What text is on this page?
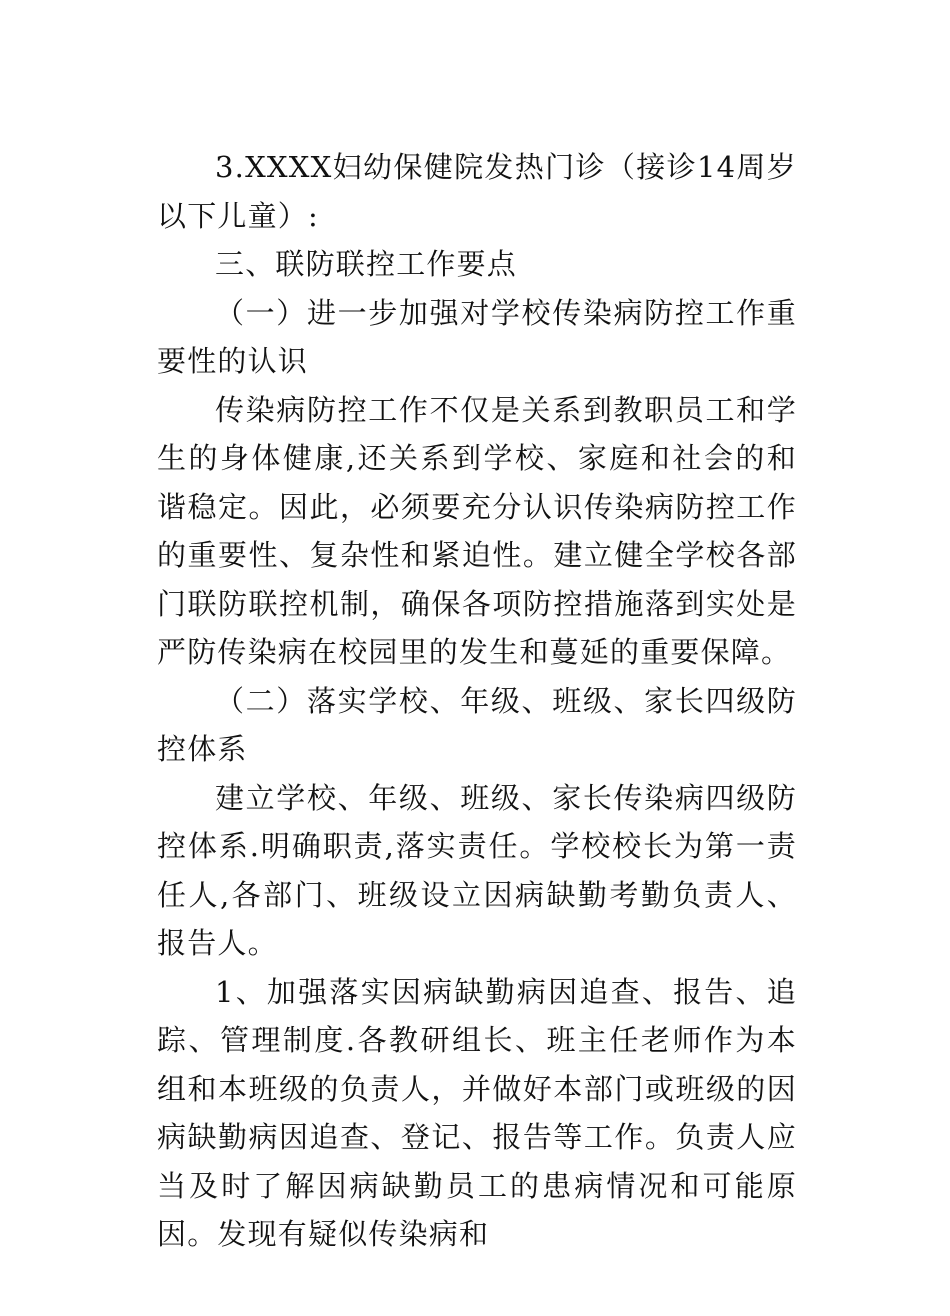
3.XXXX妇幼保健院发热门诊（接诊14周岁以下儿童）:

三、联防联控工作要点

（一）进一步加强对学校传染病防控工作重要性的认识

传染病防控工作不仅是关系到教职员工和学生的身体健康,还关系到学校、家庭和社会的和谐稳定。因此，必须要充分认识传染病防控工作的重要性、复杂性和紧迫性。建立健全学校各部门联防联控机制，确保各项防控措施落到实处是严防传染病在校园里的发生和蔓延的重要保障。

（二）落实学校、年级、班级、家长四级防控体系

建立学校、年级、班级、家长传染病四级防控体系.明确职责,落实责任。学校校长为第一责任人,各部门、班级设立因病缺勤考勤负责人、报告人。

1、加强落实因病缺勤病因追查、报告、追踪、管理制度.各教研组长、班主任老师作为本组和本班级的负责人，并做好本部门或班级的因病缺勤病因追查、登记、报告等工作。负责人应当及时了解因病缺勤员工的患病情况和可能原因。发现有疑似传染病和
